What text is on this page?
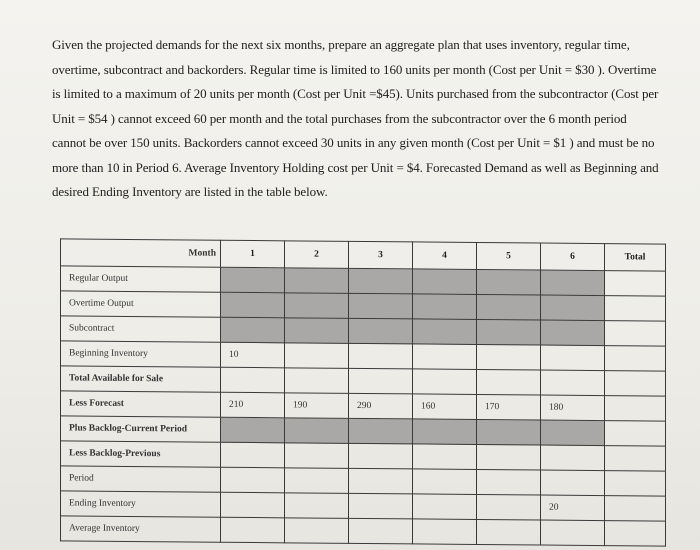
Given the projected demands for the next six months, prepare an aggregate plan that uses inventory, regular time,
overtime, subcontract and backorders. Regular time is limited to 160 units per month (Cost per Unit = $30 ). Overtime
is limited to a maximum of 20 units per month (Cost per Unit =$45). Units purchased from the subcontractor (Cost per
Unit = $54 ) cannot exceed 60 per month and the total purchases from the subcontractor over the 6 month period
cannot be over 150 units. Backorders cannot exceed 30 units in any given month (Cost per Unit = $1 ) and must be no
more than 10 in Period 6. Average Inventory Holding cost per Unit = $4. Forecasted Demand as well as Beginning and
desired Ending Inventory are listed in the table below.
Month	1	2	3	4	5	6	Total
Regular Output							
Overtime Output							
Subcontract							
Beginning Inventory	10						
Total Available for Sale							
Less Forecast	210	190	290	160	170	180	
Plus Backlog-Current Period							
Less Backlog-Previous							
Period							
Ending Inventory						20	
Average Inventory							
